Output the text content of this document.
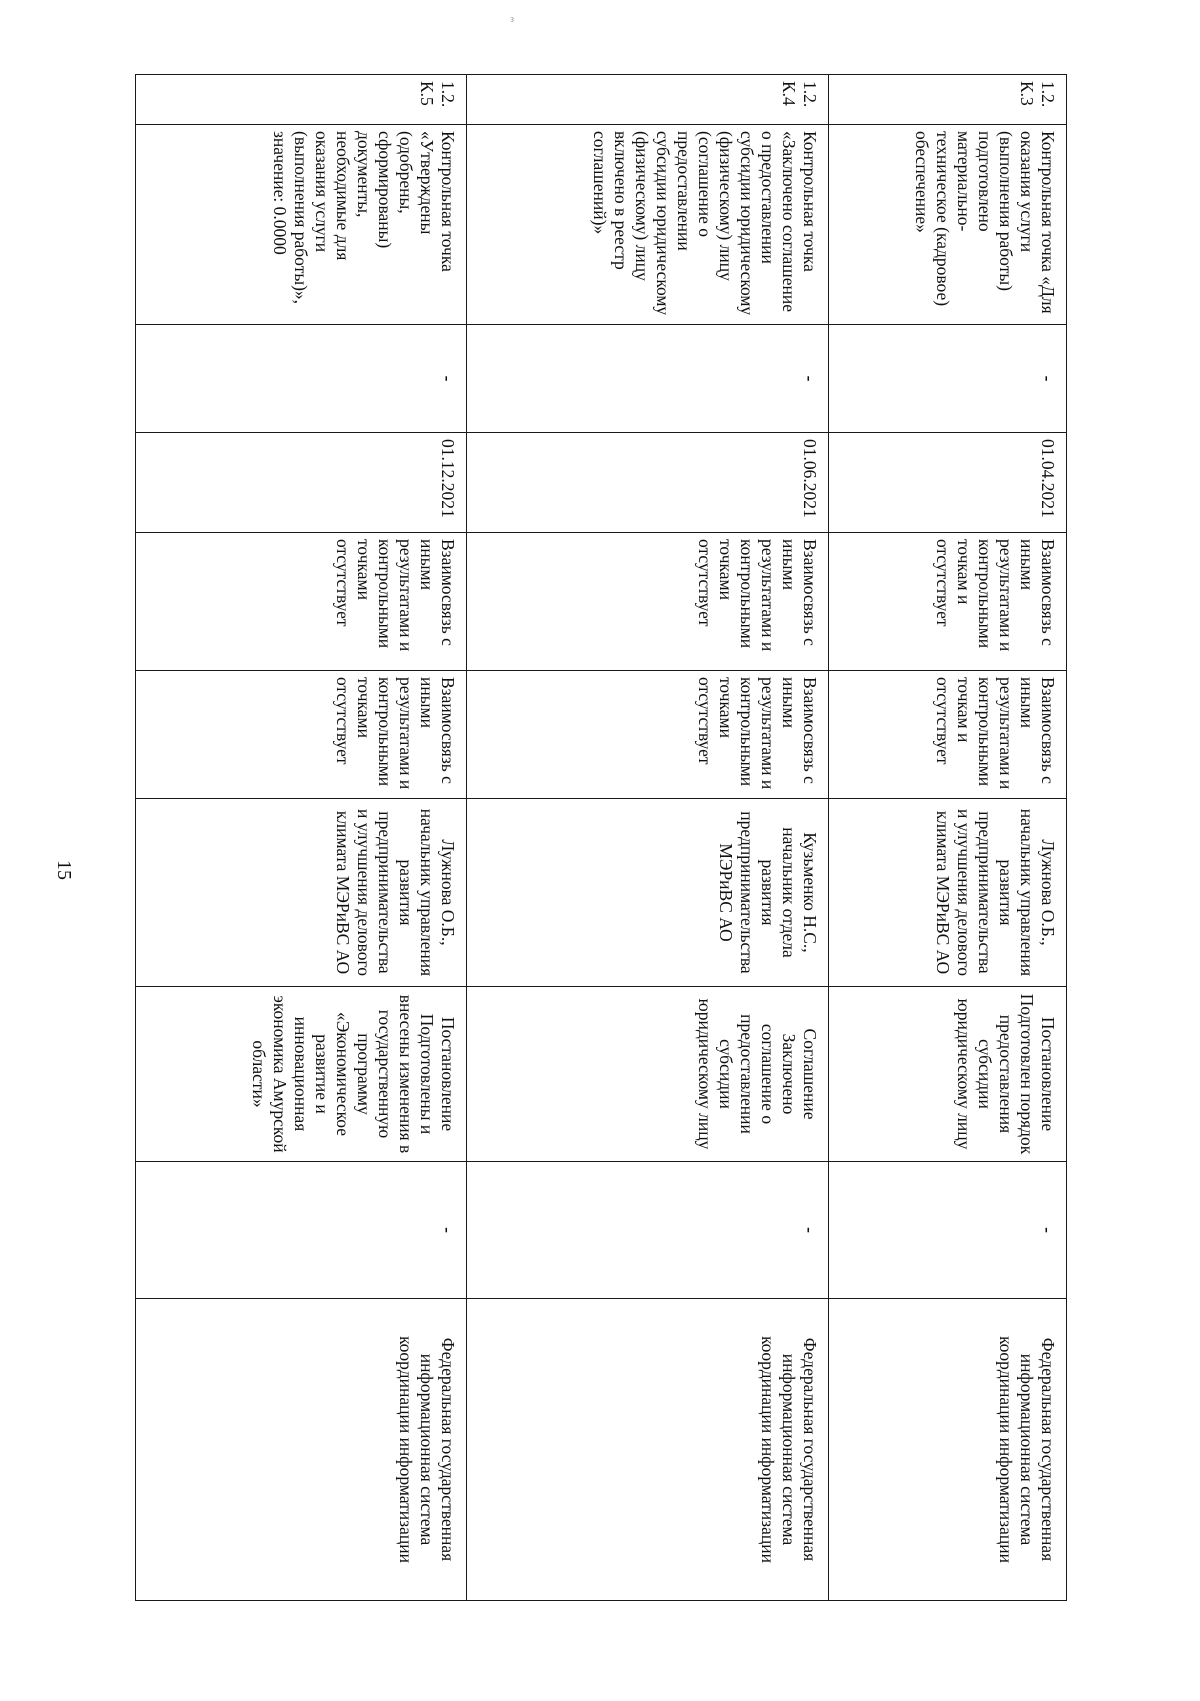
з
15
1.2.
К.3	Контрольная точка «Для оказания услуги (выполнения работы) подготовлено материально-техническое (кадровое) обеспечение»	-	01.04.2021	Взаимосвязь с иными результатами и контрольными точкам и отсутствует	Взаимосвязь с иными результатами и контрольными точкам и отсутствует	Лужнова О.Б., начальник управления развития предпринимательства и улучшения делового климата МЭРиВС АО	Постановление Подготовлен порядок предоставления субсидии юридическому лицу	-	Федеральная государственная информационная система координации информатизации
1.2.
К.4	Контрольная точка «Заключено соглашение о предоставлении субсидии юридическому (физическому) лицу (соглашение о предоставлении субсидии юридическому (физическому) лицу включено в реестр соглашений)»	-	01.06.2021	Взаимосвязь с иными результатами и контрольными точками отсутствует	Взаимосвязь с иными результатами и контрольными точками отсутствует	Кузьменко Н.С., начальник отдела развития предпринимательства МЭРиВС АО	Соглашение Заключено соглашение о предоставлении субсидии юридическому лицу	-	Федеральная государственная информационная система координации информатизации
1.2.
К.5	Контрольная точка «Утверждены (одобрены, сформированы) документы, необходимые для оказания услуги (выполнения работы)», значение: 0.0000	-	01.12.2021	Взаимосвязь с иными результатами и контрольными точками отсутствует	Взаимосвязь с иными результатами и контрольными точками отсутствует	Лужнова О.Б., начальник управления развития предпринимательства и улучшения делового климата МЭРиВС АО	Постановление Подготовлены и внесены изменения в государственную программу «Экономическое развитие и инновационная экономика Амурской области»	-	Федеральная государственная информационная система координации информатизации
